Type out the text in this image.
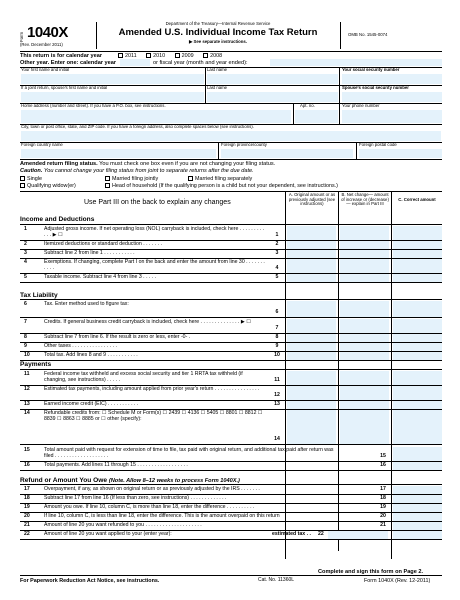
Form 1040X
(Rev. December 2011)
Department of the Treasury—Internal Revenue Service
Amended U.S. Individual Income Tax Return
▶ See separate instructions.
OMB No. 1545-0074
This return is for calendar year	2011	2010	2009	2008
Other year. Enter one: calendar year	or fiscal year (month and year ended):
Your first name and initial	Last name	Your social security number
If a joint return, spouse's first name and initial	Last name	Spouse's social security number
Home address (number and street). If you have a P.O. box, see instructions.	Apt. no.	Your phone number
City, town or post office, state, and ZIP code. If you have a foreign address, also complete spaces below (see instructions).
Foreign country name	Foreign province/county	Foreign postal code
Amended return filing status. You must check one box even if you are not changing your filing status.
Caution. You cannot change your filing status from joint to separate returns after the due date.
Single	Married filing jointly	Married filing separately
Qualifying widow(er)	Head of household (If the qualifying person is a child but not your dependent, see instructions.)
Use Part III on the back to explain any changes
A. Original amount or as previously adjusted (see instructions)
B. Net change— amount of increase or (decrease)— explain in Part III
C. Correct amount
Income and Deductions
1	Adjusted gross income. If net operating loss (NOL) carryback is included, check here . . . . . . . . . . . . ▶ ☐	1
2	Itemized deductions or standard deduction . . . . . . .	2
3	Subtract line 2 from line 1 . . . . . . . . . . .	3
4	Exemptions. If changing, complete Part I on the back and enter the amount from line 30 . . . . . . . . . . .	4
5	Taxable income. Subtract line 4 from line 3 . . . . .	5
6	Tax. Enter method used to figure tax:
6
7	Credits. If general business credit carryback is included, check here . . . . . . . . . . . . . . ▶ ☐
7
8	Subtract line 7 from line 6. If the result is zero or less, enter -0- .	8
9	Other taxes . . . . . . . . . . . . . . . .	9
10	Total tax. Add lines 8 and 9 . . . . . . . . . . .	10
11	Federal income tax withheld and excess social security and tier 1 RRTA tax withheld (if changing, see instructions) . . . . .	11
12	Estimated tax payments, including amount applied from prior year's return . . . . . . . . . . . . . . . .
12
13	Earned income credit (EIC) . . . . . . . . . . .	13
14	Refundable credits from: ☐ Schedule M or Form(s) ☐ 2439 ☐ 4136 ☐ 5405 ☐ 8801 ☐ 8812 ☐ 8839 ☐ 8863 ☐ 8885 or ☐ other (specify):
14
15	Total amount paid with request for extension of time to file, tax paid with original return, and additional tax paid after return was filed . . . . . . . . . . . . . . . . . . .	15
16	Total payments. Add lines 11 through 15 . . . . . . . . . . . . . . . . . .	16
17	Overpayment, if any, as shown on original return or as previously adjusted by the IRS . . . . . . .	17
18	Subtract line 17 from line 16 (If less than zero, see instructions) . . . . . . . . . . . . .	18
19	Amount you owe. If line 10, column C, is more than line 18, enter the difference . . . . . . . . . .	19
20	If line 10, column C, is less than line 18, enter the difference. This is the amount overpaid on this return	20
21	Amount of line 20 you want refunded to you . . . . . . . . . . . . . . . . . . . .	21
22	Amount of line 20 you want applied to your (enter year):	estimated tax . . 22
Tax Liability
Payments
Refund or Amount You Owe (Note. Allow 8–12 weeks to process Form 1040X.)
Complete and sign this form on Page 2.
For Paperwork Reduction Act Notice, see instructions.	Cat. No. 11360L	Form 1040X (Rev. 12-2011)
